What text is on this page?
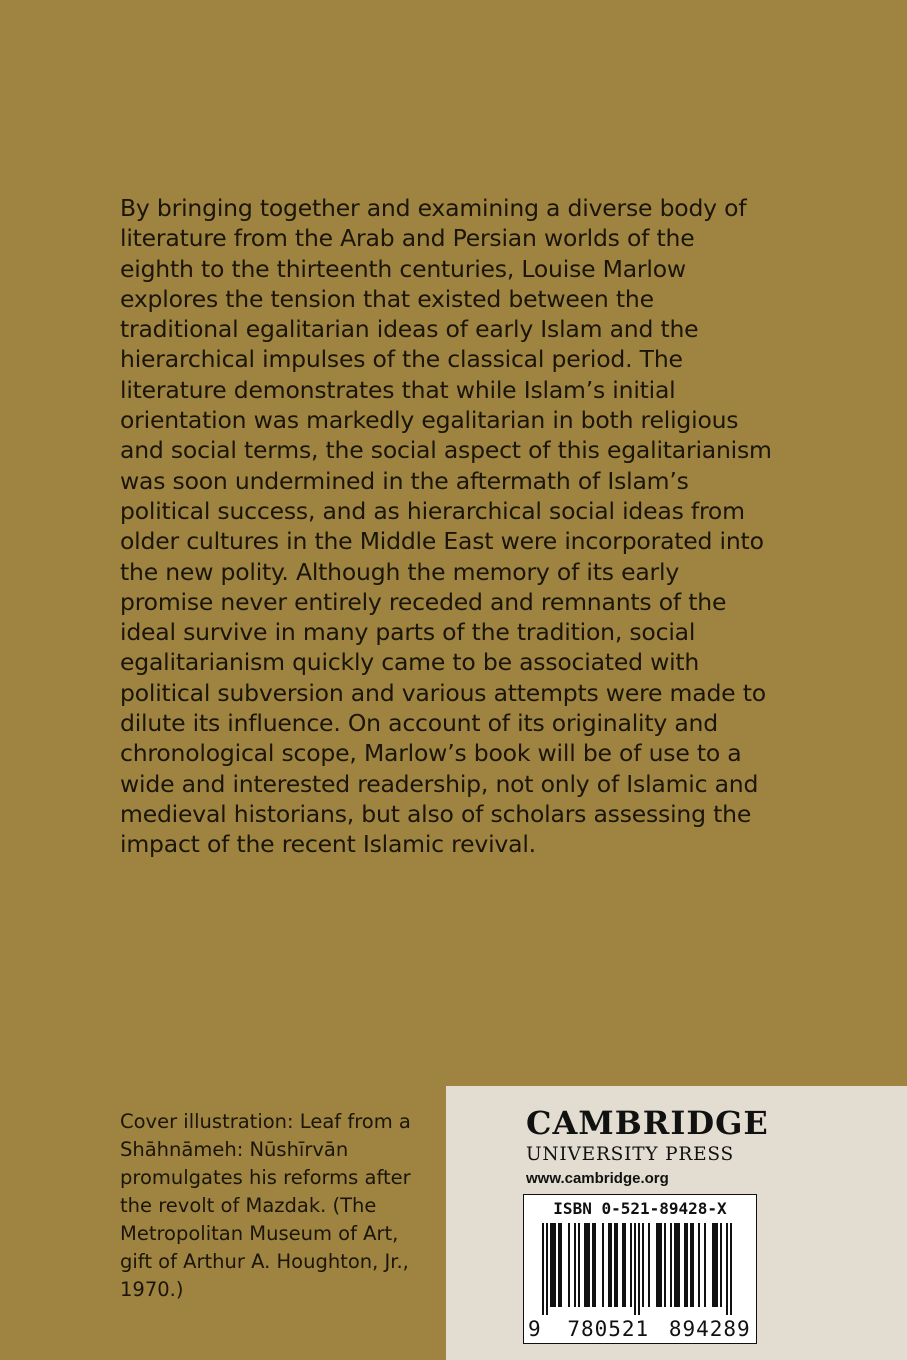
By bringing together and examining a diverse body of
literature from the Arab and Persian worlds of the
eighth to the thirteenth centuries, Louise Marlow
explores the tension that existed between the
traditional egalitarian ideas of early Islam and the
hierarchical impulses of the classical period. The
literature demonstrates that while Islam’s initial
orientation was markedly egalitarian in both religious
and social terms, the social aspect of this egalitarianism
was soon undermined in the aftermath of Islam’s
political success, and as hierarchical social ideas from
older cultures in the Middle East were incorporated into
the new polity. Although the memory of its early
promise never entirely receded and remnants of the
ideal survive in many parts of the tradition, social
egalitarianism quickly came to be associated with
political subversion and various attempts were made to
dilute its influence. On account of its originality and
chronological scope, Marlow’s book will be of use to a
wide and interested readership, not only of Islamic and
medieval historians, but also of scholars assessing the
impact of the recent Islamic revival.
Cover illustration: Leaf from a
Shāhnāmeh: Nūshīrvān
promulgates his reforms after
the revolt of Mazdak. (The
Metropolitan Museum of Art,
gift of Arthur A. Houghton, Jr.,
1970.)
CAMBRIDGE
UNIVERSITY PRESS
www.cambridge.org
ISBN 0-521-89428-X
9 780521 894289
